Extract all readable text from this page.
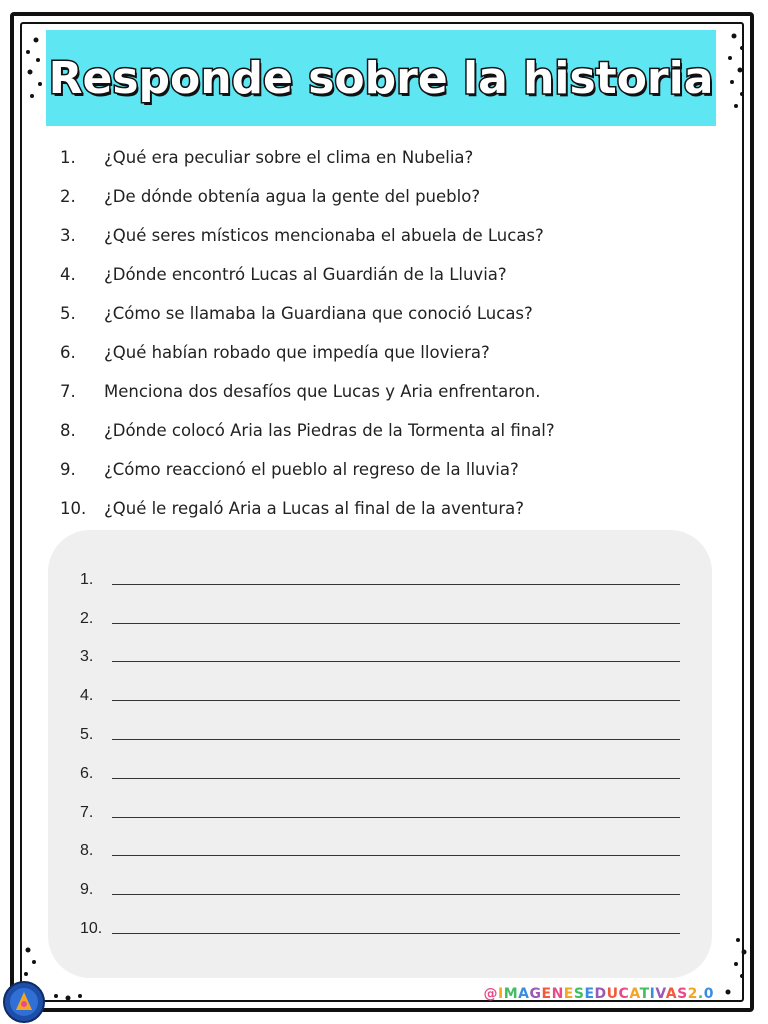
Responde sobre la historia
1.	¿Qué era peculiar sobre el clima en Nubelia?
2.	¿De dónde obtenía agua la gente del pueblo?
3.	¿Qué seres místicos mencionaba el abuela de Lucas?
4.	¿Dónde encontró Lucas al Guardián de la Lluvia?
5.	¿Cómo se llamaba la Guardiana que conoció Lucas?
6.	¿Qué habían robado que impedía que lloviera?
7.	Menciona dos desafíos que Lucas y Aria enfrentaron.
8.	¿Dónde colocó Aria las Piedras de la Tormenta al final?
9.	¿Cómo reaccionó el pueblo al regreso de la lluvia?
10.	¿Qué le regaló Aria a Lucas al final de la aventura?
1.
2.
3.
4.
5.
6.
7.
8.
9.
10.
@IMAGENESEDUCATIVAS2.0
